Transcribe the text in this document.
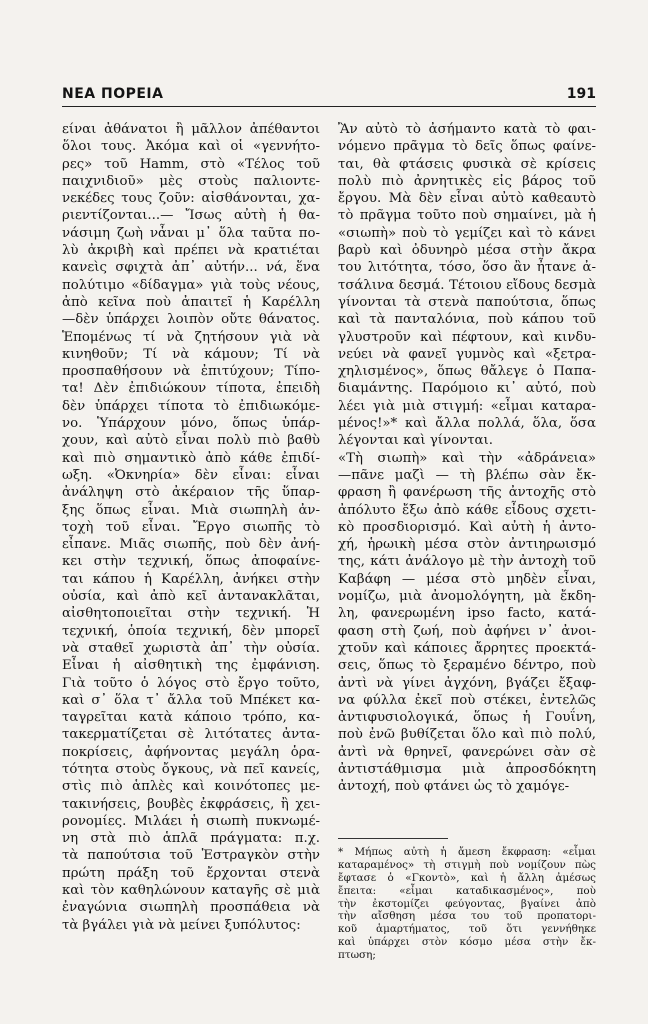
ΝΕΑ ΠΟΡΕΙΑ	191
είναι ἀθάνατοι ἢ μᾶλλον ἀπέθαντοι
ὅλοι τους. Ἀκόμα καὶ οἱ «γεννήτο-
ρες» τοῦ Hamm, στὸ «Τέλος τοῦ
παιχνιδιοῦ» μὲς στοὺς παλιοντε-
νεκέδες τους ζοῦν: αἰσθάνονται, χα-
ριεντίζονται...— Ἴσως αὐτὴ ἡ θα-
νάσιμη ζωὴ νἆναι μ᾽ ὅλα ταῦτα πο-
λὺ ἀκριβὴ καὶ πρέπει νὰ κρατιέται
κανεὶς σφιχτὰ ἀπ᾽ αὐτήν... νά, ἕνα
πολύτιμο «δίδαγμα» γιὰ τοὺς νέους,
ἀπὸ κεῖνα ποὺ ἀπαιτεῖ ἡ Καρέλλη
—δὲν ὑπάρχει λοιπὸν οὔτε θάνατος.
Ἑπομένως τί νὰ ζητήσουν γιὰ νὰ
κινηθοῦν; Τί νὰ κάμουν; Τί νὰ
προσπαθήσουν νὰ ἐπιτύχουν; Τίπο-
τα! Δὲν ἐπιδιώκουν τίποτα, ἐπειδὴ
δὲν ὑπάρχει τίποτα τὸ ἐπιδιωκόμε-
νο. Ὑπάρχουν μόνο, ὅπως ὑπάρ-
χουν, καὶ αὐτὸ εἶναι πολὺ πιὸ βαθὺ
καὶ πιὸ σημαντικὸ ἀπὸ κάθε ἐπιδί-
ωξη. «Ὀκνηρία» δὲν εἶναι: εἶναι
ἀνάληψη στὸ ἀκέραιον τῆς ὕπαρ-
ξης ὅπως εἶναι. Μιὰ σιωπηλὴ ἀν-
τοχὴ τοῦ εἶναι. Ἔργο σιωπῆς τὸ
εἶπανε. Μιᾶς σιωπῆς, ποὺ δὲν ἀνή-
κει στὴν τεχνική, ὅπως ἀποφαίνε-
ται κάπου ἡ Καρέλλη, ἀνήκει στὴν
οὐσία, καὶ ἀπὸ κεῖ ἀντανακλᾶται,
αἰσθητοποιεῖται στὴν τεχνική. Ἡ
τεχνική, ὁποία τεχνική, δὲν μπορεῖ
νὰ σταθεῖ χωριστὰ ἀπ᾽ τὴν οὐσία.
Εἶναι ἡ αἰσθητικὴ της ἐμφάνιση.
Γιὰ τοῦτο ὁ λόγος στὸ ἔργο τοῦτο,
καὶ σ᾽ ὅλα τ᾽ ἄλλα τοῦ Μπέκετ κα-
ταγρεῖται κατὰ κάποιο τρόπο, κα-
τακερματίζεται σὲ λιτότατες ἀντα-
ποκρίσεις, ἀφήνοντας μεγάλη ὁρα-
τότητα στοὺς ὄγκους, νὰ πεῖ κανείς,
στὶς πιὸ ἁπλὲς καὶ κοινότοπες με-
τακινήσεις, βουβὲς ἐκφράσεις, ἢ χει-
ρονομίες. Μιλάει ἡ σιωπὴ πυκνωμέ-
νη στὰ πιὸ ἁπλᾶ πράγματα: π.χ.
τὰ παπούτσια τοῦ Ἐστραγκὸν στὴν
πρώτη πράξη τοῦ ἔρχονται στενὰ
καὶ τὸν καθηλώνουν καταγῆς σὲ μιὰ
ἐναγώνια σιωπηλὴ προσπάθεια νὰ
τὰ βγάλει γιὰ νὰ μείνει ξυπόλυτος:
Ἂν αὐτὸ τὸ ἀσήμαντο κατὰ τὸ φαι-
νόμενο πρᾶγμα τὸ δεῖς ὅπως φαίνε-
ται, θὰ φτάσεις φυσικὰ σὲ κρίσεις
πολὺ πιὸ ἀρνητικὲς εἰς βάρος τοῦ
ἔργου. Μὰ δὲν εἶναι αὐτὸ καθεαυτὸ
τὸ πρᾶγμα τοῦτο ποὺ σημαίνει, μὰ ἡ
«σιωπὴ» ποὺ τὸ γεμίζει καὶ τὸ κάνει
βαρὺ καὶ ὀδυνηρὸ μέσα στὴν ἄκρα
του λιτότητα, τόσο, ὅσο ἂν ἦτανε ἀ-
τσάλινα δεσμά. Τέτοιου εἴδους δεσμὰ
γίνονται τὰ στενὰ παπούτσια, ὅπως
καὶ τὰ πανταλόνια, ποὺ κάπου τοῦ
γλυστροῦν καὶ πέφτουν, καὶ κινδυ-
νεύει νὰ φανεῖ γυμνὸς καὶ «ξετρα-
χηλισμένος», ὅπως θἄλεγε ὁ Παπα-
διαμάντης. Παρόμοιο κι᾽ αὐτό, ποὺ
λέει γιὰ μιὰ στιγμή: «εἶμαι καταρα-
μένος!»* καὶ ἄλλα πολλά, ὅλα, ὅσα
λέγονται καὶ γίνονται.
«Τὴ σιωπὴ» καὶ τὴν «ἀδράνεια»
—πᾶνε μαζὶ — τὴ βλέπω σὰν ἔκ-
φραση ἢ φανέρωση τῆς ἀντοχῆς στὸ
ἀπόλυτο ἔξω ἀπὸ κάθε εἶδους σχετι-
κὸ προσδιορισμό. Καὶ αὐτὴ ἡ ἀντο-
χή, ἡρωικὴ μέσα στὸν ἀντιηρωισμό
της, κάτι ἀνάλογο μὲ τὴν ἀντοχὴ τοῦ
Καβάφη — μέσα στὸ μηδὲν εἶναι,
νομίζω, μιὰ ἀνομολόγητη, μὰ ἔκδη-
λη, φανερωμένη ipso facto, κατά-
φαση στὴ ζωή, ποὺ ἀφήνει ν᾽ ἀνοι-
χτοῦν καὶ κάποιες ἄρρητες προεκτά-
σεις, ὅπως τὸ ξεραμένο δέντρο, ποὺ
ἀντὶ νὰ γίνει ἀγχόνη, βγάζει ἔξαφ-
να φύλλα ἐκεῖ ποὺ στέκει, ἐντελῶς
ἀντιφυσιολογικά, ὅπως ἡ Γουΐνη,
ποὺ ἐνῶ βυθίζεται ὅλο καὶ πιὸ πολύ,
ἀντὶ νὰ θρηνεῖ, φανερώνει σὰν σὲ
ἀντιστάθμισμα μιὰ ἀπροσδόκητη
ἀντοχή, ποὺ φτάνει ὡς τὸ χαμόγε-
* Μήπως αὐτὴ ἡ ἄμεση ἔκφραση: «εἶμαι
καταραμένος» τὴ στιγμὴ ποὺ νομίζουν πὼς
ἔφτασε ὁ «Γκοντὸ», καὶ ἡ ἄλλη ἀμέσως
ἔπειτα: «εἶμαι καταδικασμένος», ποὺ
τὴν ἐκστομίζει φεύγοντας, βγαίνει ἀπὸ
τὴν αἴσθηση μέσα του τοῦ προπατορι-
κοῦ ἁμαρτήματος, τοῦ ὅτι γεννήθηκε
καὶ ὑπάρχει στὸν κόσμο μέσα στὴν ἔκ-
πτωση;
